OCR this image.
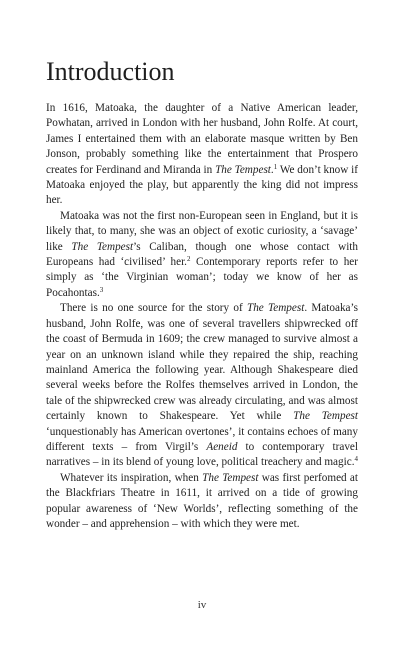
Introduction

In 1616, Matoaka, the daughter of a Native American leader, Powhatan, arrived in London with her husband, John Rolfe. At court, James I entertained them with an elaborate masque written by Ben Jonson, probably something like the entertainment that Prospero creates for Ferdinand and Miranda in The Tempest.$^1$ We don’t know if Matoaka enjoyed the play, but apparently the king did not impress her.

Matoaka was not the first non-European seen in England, but it is likely that, to many, she was an object of exotic curiosity, a ‘savage’ like The Tempest’s Caliban, though one whose contact with Europeans had ‘civilised’ her.$^2$ Contemporary reports refer to her simply as ‘the Virginian woman’; today we know of her as Pocahontas.$^3$

There is no one source for the story of The Tempest. Matoaka’s husband, John Rolfe, was one of several travellers shipwrecked off the coast of Bermuda in 1609; the crew managed to survive almost a year on an unknown island while they repaired the ship, reaching mainland America the following year. Although Shakespeare died several weeks before the Rolfes themselves arrived in London, the tale of the shipwrecked crew was already circulating, and was almost certainly known to Shakespeare. Yet while The Tempest ‘unquestionably has American overtones’, it contains echoes of many different texts – from Virgil’s Aeneid to contemporary travel narratives – in its blend of young love, political treachery and magic.$^4$

Whatever its inspiration, when The Tempest was first perfomed at the Blackfriars Theatre in 1611, it arrived on a tide of growing popular awareness of ‘New Worlds’, reflecting something of the wonder – and apprehension – with which they were met.

iv
